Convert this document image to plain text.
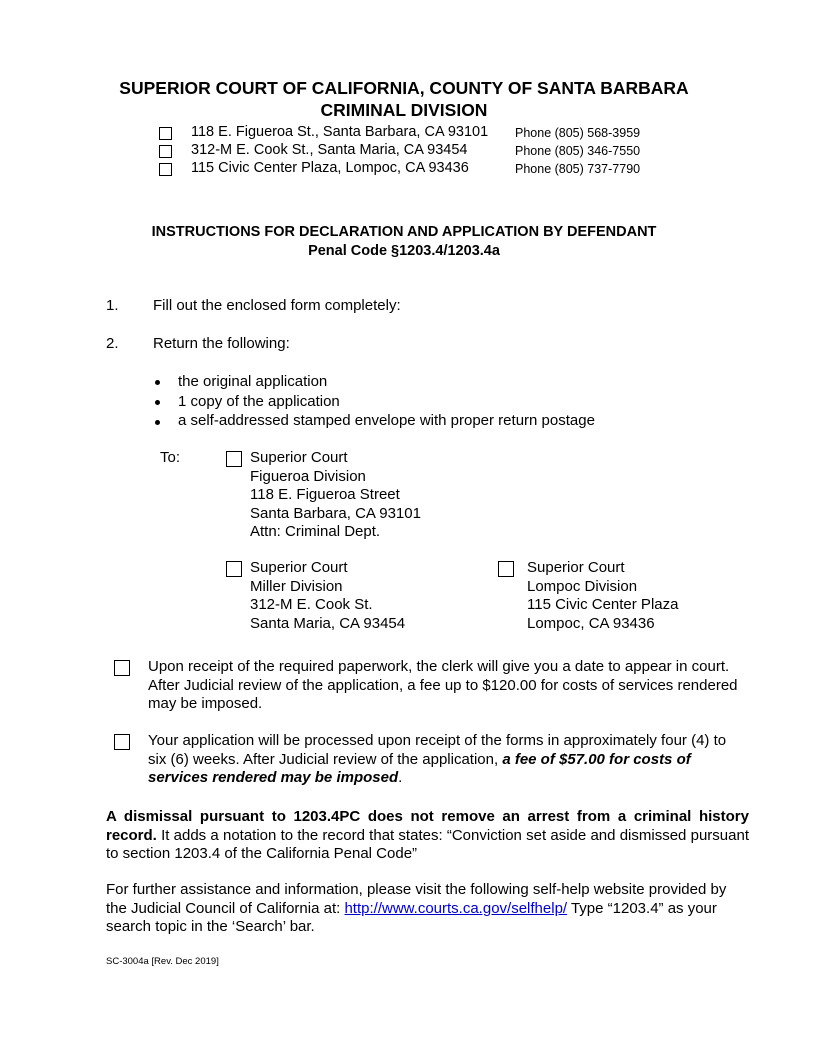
SUPERIOR COURT OF CALIFORNIA, COUNTY OF SANTA BARBARA
CRIMINAL DIVISION
118 E. Figueroa St., Santa Barbara, CA 93101 Phone (805) 568-3959
312-M E. Cook St., Santa Maria, CA 93454	Phone (805) 346-7550
115 Civic Center Plaza, Lompoc, CA 93436	Phone (805) 737-7790
INSTRUCTIONS FOR DECLARATION AND APPLICATION BY DEFENDANT
Penal Code §1203.4/1203.4a
1. Fill out the enclosed form completely:
2. Return the following:
the original application
1 copy of the application
a self-addressed stamped envelope with proper return postage
To:	Superior Court
Figueroa Division
118 E. Figueroa Street
Santa Barbara, CA 93101
Attn: Criminal Dept.
Superior Court
Miller Division
312-M E. Cook St.
Santa Maria, CA 93454
Superior Court
Lompoc Division
115 Civic Center Plaza
Lompoc, CA 93436
Upon receipt of the required paperwork, the clerk will give you a date to appear in court. After Judicial review of the application, a fee up to $120.00 for costs of services rendered may be imposed.
Your application will be processed upon receipt of the forms in approximately four (4) to six (6) weeks. After Judicial review of the application, a fee of $57.00 for costs of services rendered may be imposed.
A dismissal pursuant to 1203.4PC does not remove an arrest from a criminal history record. It adds a notation to the record that states: “Conviction set aside and dismissed pursuant to section 1203.4 of the California Penal Code”
For further assistance and information, please visit the following self-help website provided by the Judicial Council of California at: http://www.courts.ca.gov/selfhelp/ Type “1203.4” as your search topic in the ‘Search’ bar.
SC-3004a [Rev. Dec 2019]
